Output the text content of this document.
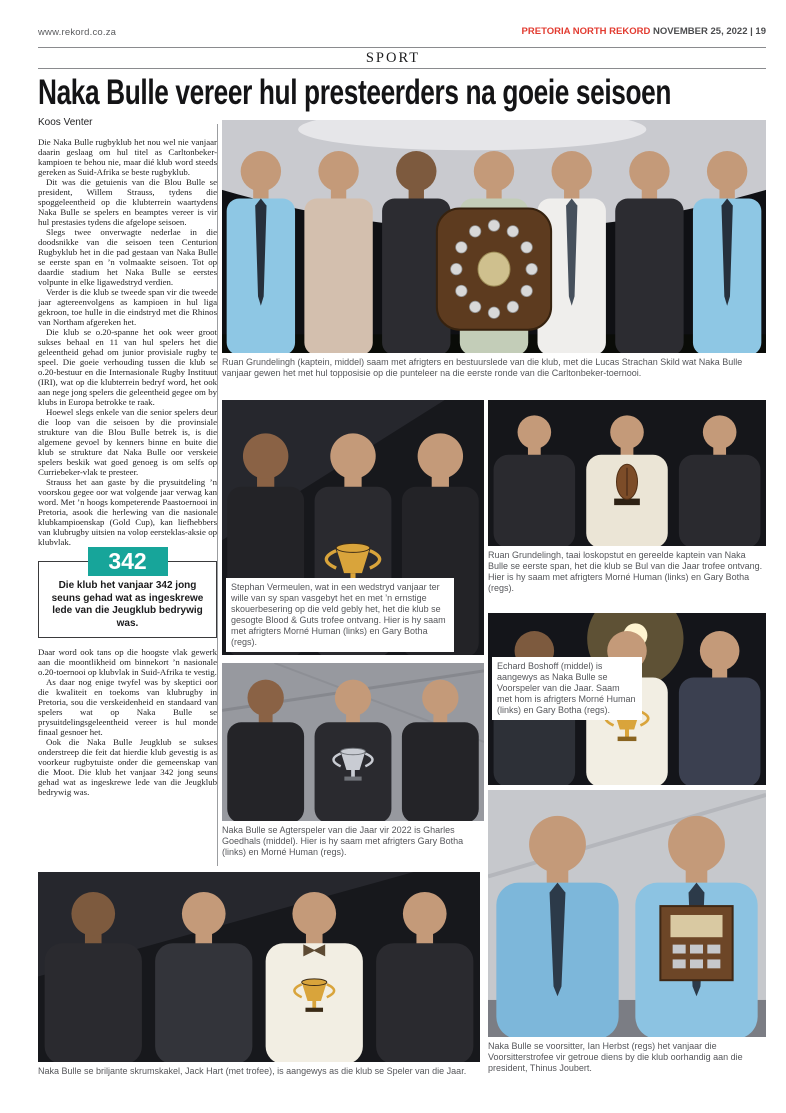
www.rekord.co.za	PRETORIA NORTH REKORD NOVEMBER 25, 2022 | 19
SPORT
Naka Bulle vereer hul presteerders na goeie seisoen
Koos Venter

Die Naka Bulle rugbyklub het nou wel nie vanjaar daarin geslaag om hul titel as Carltonbeker-kampioen te behou nie, maar dié klub word steeds gereken as Suid-Afrika se beste rugbyklub.

Dit was die getuienis van die Blou Bulle se president, Willem Strauss, tydens die spoggeleentheid op die klubterrein waartydens Naka Bulle se spelers en beamptes vereer is vir hul prestasies tydens die afgelope seisoen.

Slegs twee onverwagte nederlae in die doodsnikke van die seisoen teen Centurion Rugbyklub het in die pad gestaan van Naka Bulle se eerste span en ’n volmaakte seisoen. Tot op daardie stadium het Naka Bulle se eerstes volpunte in elke ligawedstryd verdien.

Verder is die klub se tweede span vir die tweede jaar agtereenvolgens as kampioen in hul liga gekroon, toe hulle in die eindstryd met die Rhinos van Northam afgereken het.

Die klub se o.20-spanne het ook weer groot sukses behaal en 11 van hul spelers het die geleentheid gehad om junior provisiale rugby te speel. Die goeie verhouding tussen die klub se o.20-bestuur en die Internasionale Rugby Instituut (IRI), wat op die klubterrein bedryf word, het ook aan nege jong spelers die geleentheid gegee om by klubs in Europa betrokke te raak.

Hoewel slegs enkele van die senior spelers deur die loop van die seisoen by die provinsiale strukture van die Blou Bulle betrek is, is die algemene gevoel by kenners binne en buite die klub se strukture dat Naka Bulle oor verskeie spelers beskik wat goed genoeg is om selfs op Curriebeker-vlak te presteer.

Strauss het aan gaste by die prysuitdeling ’n voorskou gegee oor wat volgende jaar verwag kan word. Met ’n hoogs kompeterende Paastoernooi in Pretoria, asook die herlewing van die nasionale klubkampioenskap (Gold Cup), kan liefhebbers van klubrugby uitsien na volop eersteklas-aksie op klubvlak.

342
Die klub het vanjaar 342 jong seuns gehad wat as ingeskrewe lede van die Jeugklub bedrywig was.

Daar word ook tans op die hoogste vlak gewerk aan die moontlikheid om binnekort ’n nasionale o.20-toernooi op klubvlak in Suid-Afrika te vestig.

As daar nog enige twyfel was by skeptici oor die kwaliteit en toekoms van klubrugby in Pretoria, sou die verskeidenheid en standaard van spelers wat op Naka Bulle se prysuitdelingsgeleentheid vereer is hul monde finaal gesnoer het.

Ook die Naka Bulle Jeugklub se sukses onderstreep die feit dat hierdie klub gevestig is as voorkeur rugbytuiste onder die gemeenskap van die Moot. Die klub het vanjaar 342 jong seuns gehad wat as ingeskrewe lede van die Jeugklub bedrywig was.

Ruan Grundelingh (kaptein, middel) saam met afrigters en bestuurslede van die klub, met die Lucas Strachan Skild wat Naka Bulle vanjaar gewen het met hul topposisie op die punteleer na die eerste ronde van die Carltonbeker-toernooi.
Stephan Vermeulen, wat in een wedstryd vanjaar ter wille van sy span vasgebyt het en met ’n ernstige skouerbesering op die veld gebly het, het die klub se gesogte Blood & Guts trofee ontvang. Hier is hy saam met afrigters Morné Human (links) en Gary Botha (regs).
Ruan Grundelingh, taai loskopstut en gereelde kaptein van Naka Bulle se eerste span, het die klub se Bul van die Jaar trofee ontvang. Hier is hy saam met afrigters Morné Human (links) en Gary Botha (regs).
Echard Boshoff (middel) is aangewys as Naka Bulle se Voorspeler van die Jaar. Saam met hom is afrigters Morné Human (links) en Gary Botha (regs).
Naka Bulle se Agterspeler van die Jaar vir 2022 is Gharles Goedhals (middel). Hier is hy saam met afrigters Gary Botha (links) en Morné Human (regs).
Naka Bulle se briljante skrumskakel, Jack Hart (met trofee), is aangewys as die klub se Speler van die Jaar.
Naka Bulle se voorsitter, Ian Herbst (regs) het vanjaar die Voorsitterstrofee vir getroue diens by die klub oorhandig aan die president, Thinus Joubert.
